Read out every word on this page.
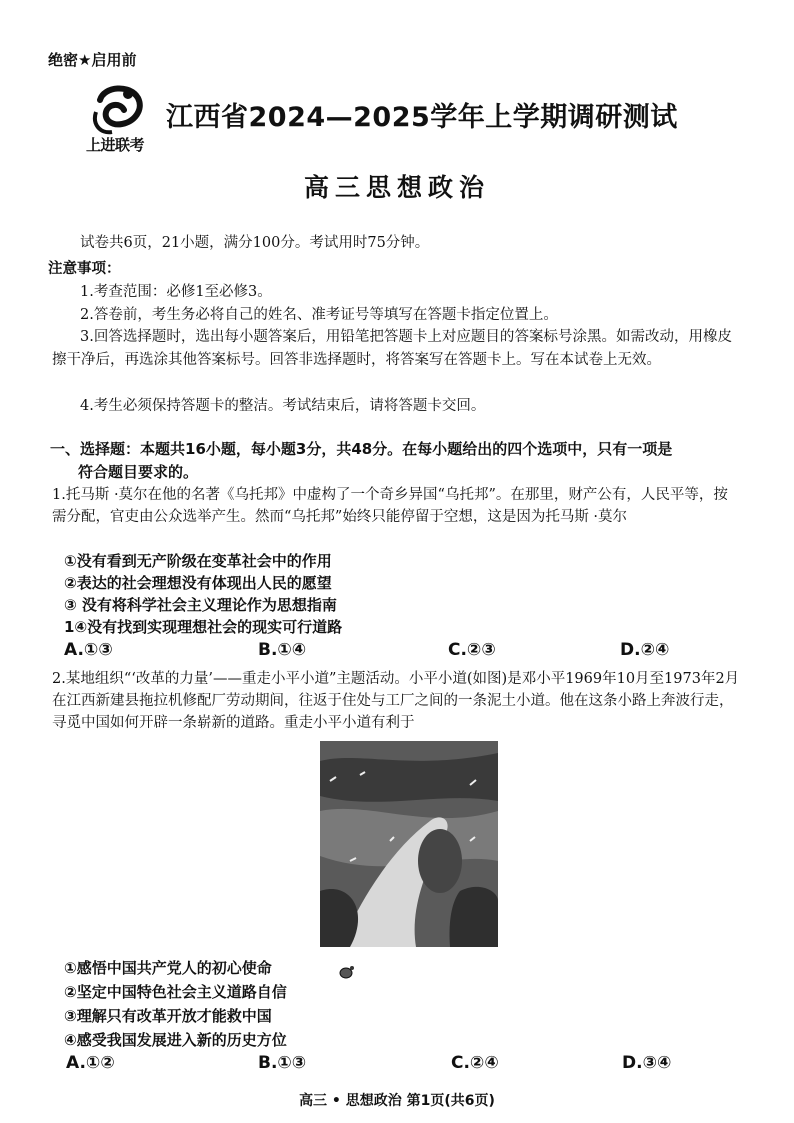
绝密★启用前
上进联考
江西省2024—2025学年上学期调研测试
高三思想政治
试卷共6页，21小题，满分100分。考试用时75分钟。
注意事项：
1.考查范围：必修1至必修3。
2.答卷前，考生务必将自己的姓名、准考证号等填写在答题卡指定位置上。
3.回答选择题时，选出每小题答案后，用铅笔把答题卡上对应题目的答案标号涂黑。如需改动，用橡皮擦干净后，再选涂其他答案标号。回答非选择题时，将答案写在答题卡上。写在本试卷上无效。
4.考生必须保持答题卡的整洁。考试结束后，请将答题卡交回。
一、选择题：本题共16小题，每小题3分，共48分。在每小题给出的四个选项中，只有一项是
符合题目要求的。
1.托马斯 ·莫尔在他的名著《乌托邦》中虚构了一个奇乡异国“乌托邦”。在那里，财产公有，人民平等，按需分配，官吏由公众选举产生。然而“乌托邦”始终只能停留于空想，这是因为托马斯 ·莫尔
①没有看到无产阶级在变革社会中的作用
②表达的社会理想没有体现出人民的愿望
③ 没有将科学社会主义理论作为思想指南
1④没有找到实现理想社会的现实可行道路
A.①③	B.①④	C.②③	D.②④
2.某地组织“‘改革的力量’——重走小平小道”主题活动。小平小道(如图)是邓小平1969年10月至1973年2月在江西新建县拖拉机修配厂劳动期间，往返于住处与工厂之间的一条泥土小道。他在这条小路上奔波行走，寻觅中国如何开辟一条崭新的道路。重走小平小道有利于
①感悟中国共产党人的初心使命
②坚定中国特色社会主义道路自信
③理解只有改革开放才能救中国
④感受我国发展进入新的历史方位
A.①②	B.①③	C.②④	D.③④
高三 • 思想政治 第1页(共6页)
